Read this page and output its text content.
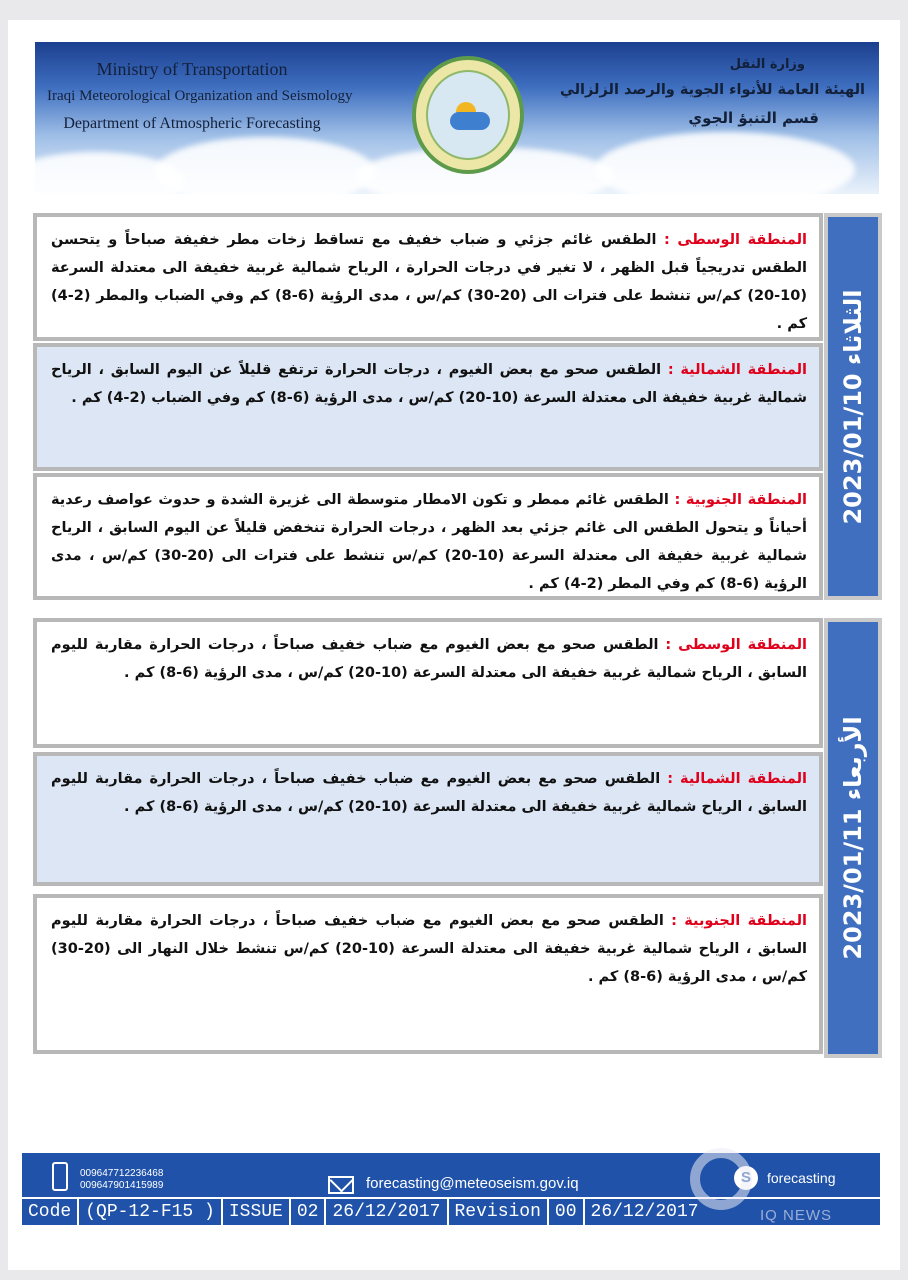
Ministry of Transportation
Iraqi Meteorological Organization and Seismology
Department of Atmospheric Forecasting
وزارة النقل
الهيئة العامة للأنواء الجوية والرصد الزلزالي
قسم التنبؤ الجوي
الثلاثاء 2023/01/10
المنطقة الوسطى : الطقس غائم جزئي و ضباب خفيف مع تساقط زخات مطر خفيفة صباحاً و يتحسن الطقس تدريجياً قبل الظهر ، لا تغير في درجات الحرارة ، الرياح شمالية غربية خفيفة الى معتدلة السرعة (10-20) كم/س تنشط على فترات الى (20-30) كم/س ، مدى الرؤية (6-8) كم وفي الضباب والمطر (2-4) كم .
المنطقة الشمالية : الطقس صحو مع بعض الغيوم ، درجات الحرارة ترتفع قليلاً عن اليوم السابق ، الرياح شمالية غربية خفيفة الى معتدلة السرعة (10-20) كم/س ، مدى الرؤية (6-8) كم وفي الضباب (2-4) كم .
المنطقة الجنوبية : الطقس غائم ممطر و تكون الامطار متوسطة الى غزيرة الشدة و حدوث عواصف رعدية أحياناً و يتحول الطقس الى غائم جزئي بعد الظهر ، درجات الحرارة تنخفض قليلاً عن اليوم السابق ، الرياح شمالية غربية خفيفة الى معتدلة السرعة (10-20) كم/س تنشط على فترات الى (20-30) كم/س ، مدى الرؤية (6-8) كم وفي المطر (2-4) كم .
الأربعاء 2023/01/11
المنطقة الوسطى : الطقس صحو مع بعض الغيوم مع ضباب خفيف صباحاً ، درجات الحرارة مقاربة لليوم السابق ، الرياح شمالية غربية خفيفة الى معتدلة السرعة (10-20) كم/س ، مدى الرؤية (6-8) كم .
المنطقة الشمالية : الطقس صحو مع بعض الغيوم مع ضباب خفيف صباحاً ، درجات الحرارة مقاربة لليوم السابق ، الرياح شمالية غربية خفيفة الى معتدلة السرعة (10-20) كم/س ، مدى الرؤية (6-8) كم .
المنطقة الجنوبية : الطقس صحو مع بعض الغيوم مع ضباب خفيف صباحاً ، درجات الحرارة مقاربة لليوم السابق ، الرياح شمالية غربية خفيفة الى معتدلة السرعة (10-20) كم/س تنشط خلال النهار الى (20-30) كم/س ، مدى الرؤية (6-8) كم .
009647712236468
009647901415989	forecasting@meteoseism.gov.iq	S	forecasting
Code (QP-12-F15 ) ISSUE 02 26/12/2017 Revision 00 26/12/2017	IQ NEWS
